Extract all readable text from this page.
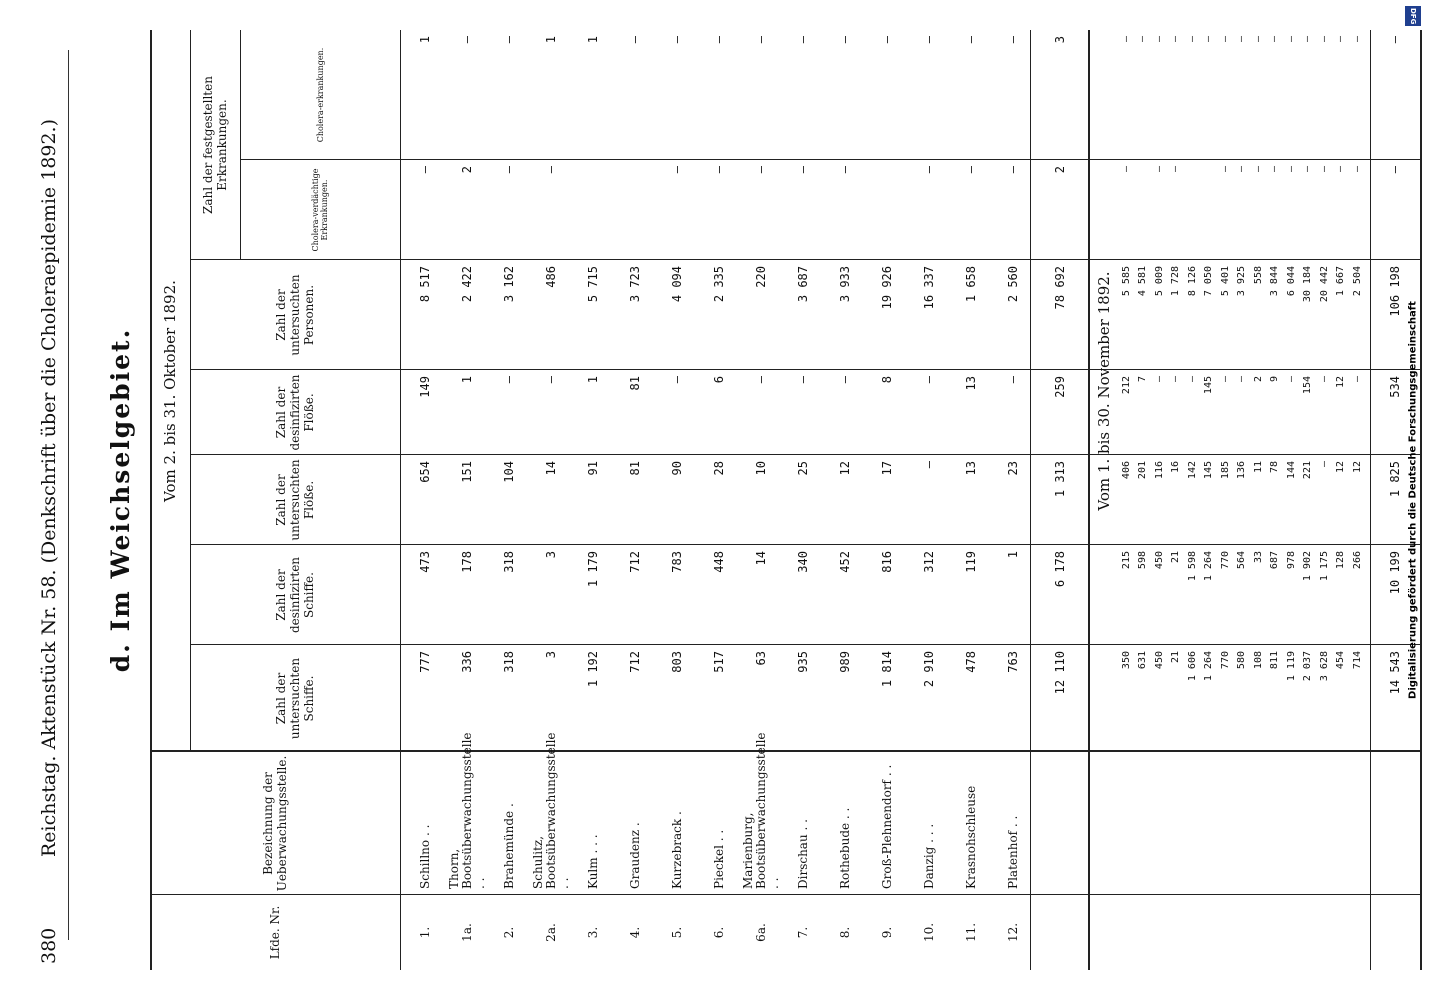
380
Reichstag. Aktenstück Nr. 58. (Denkschrift über die Choleraepidemie 1892.)	d. Im Weichselgebiet.
Lfde. Nr.
Bezeichnung der Ueberwachungsstelle.
Vom 2. bis 31. Oktober 1892.
Zahl der untersuchten Schiffe.
Zahl der desinfizirten Schiffe.
Zahl der untersuchten Flöße.
Zahl der desinfizirten Flöße.
Zahl der untersuchten Personen.
Zahl der festgestellten Erkrankungen.
Cholera-verdächtige Erkrankungen.
Cholera-erkrankungen.
Vom 1. bis 30. November 1892.
1.
Schillno . .
777
473
654
149
8 517
—
1
1a.
Thorn, Bootsüberwachungsstelle . .
336
178
151
1
2 422
2
—
2.
Brahemünde .
318
318
104
—
3 162
—
—
2a.
Schulitz, Bootsüberwachungsstelle . .
3
3
14
—
486
—
1
3.
Kulm . . .
1 192
1 179
91
1
5 715
1
4.
Graudenz .
712
712
81
81
3 723
—
5.
Kurzebrack .
803
783
90
—
4 094
—
—
6.
Pieckel . .
517
448
28
6
2 335
—
—
6a.
Marienburg, Bootsüberwachungsstelle . .
63
14
10
—
220
—
—
7.
Dirschau . .
935
340
25
—
3 687
—
—
8.
Rothebude . .
989
452
12
—
3 933
—
—
9.
Groß-Plehnendorf . .
1 814
816
17
8
19 926
—
10.
Danzig . . .
2 910
312
—
—
16 337
—
—
11.
Krasnohschleuse
478
119
13
13
1 658
—
—
12.
Platenhof . .
763
1
23
—
2 560
—
—
350
215
406
212
5 585
—
—
631
598
201
7
4 581
—
450
450
116
—
5 009
—
—
21
21
16
—
1 728
—
—
1 606
1 598
142
—
8 126
—
1 264
1 264
145
145
7 050
—
770
770
185
—
5 401
—
—
580
564
136
—
3 925
—
—
108
33
11
2
558
—
—
811
687
78
9
3 844
—
—
1 119
978
144
—
6 044
—
—
2 037
1 902
221
154
30 184
—
—
3 628
1 175
—
—
20 442
—
—
454
128
12
12
1 667
—
—
714
266
12
—
2 504
—
—
12 110
6 178
1 313
259
78 692
2
3
14 543
10 199
1 825
534
106 198
—
—
DFG
Digitalisierung gefördert durch die Deutsche Forschungsgemeinschaft
